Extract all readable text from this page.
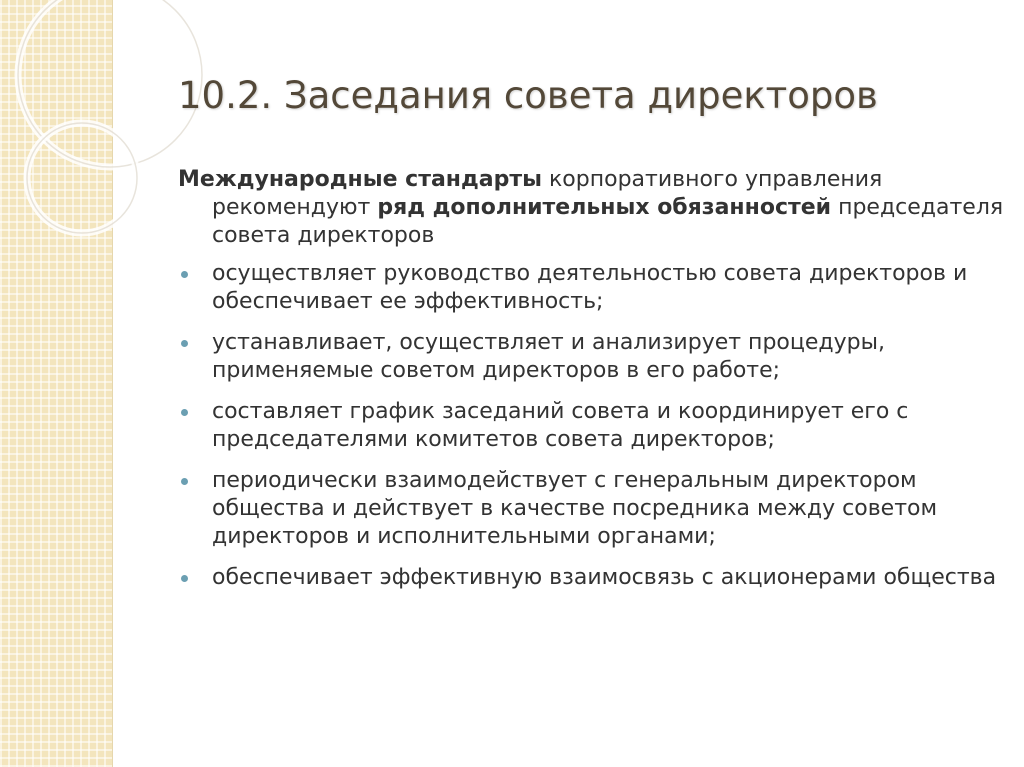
10.2. Заседания совета директоров

Международные стандарты корпоративного управления рекомендуют ряд дополнительных обязанностей председателя совета директоров

осуществляет руководство деятельностью совета директоров и обеспечивает ее эффективность;
устанавливает, осуществляет и анализирует процедуры, применяемые советом директоров в его работе;
составляет график заседаний совета и координирует его с председателями комитетов совета директоров;
периодически взаимодействует с генеральным директором общества и действует в качестве посредника между советом директоров и исполнительными органами;
обеспечивает эффективную взаимосвязь с акционерами общества
